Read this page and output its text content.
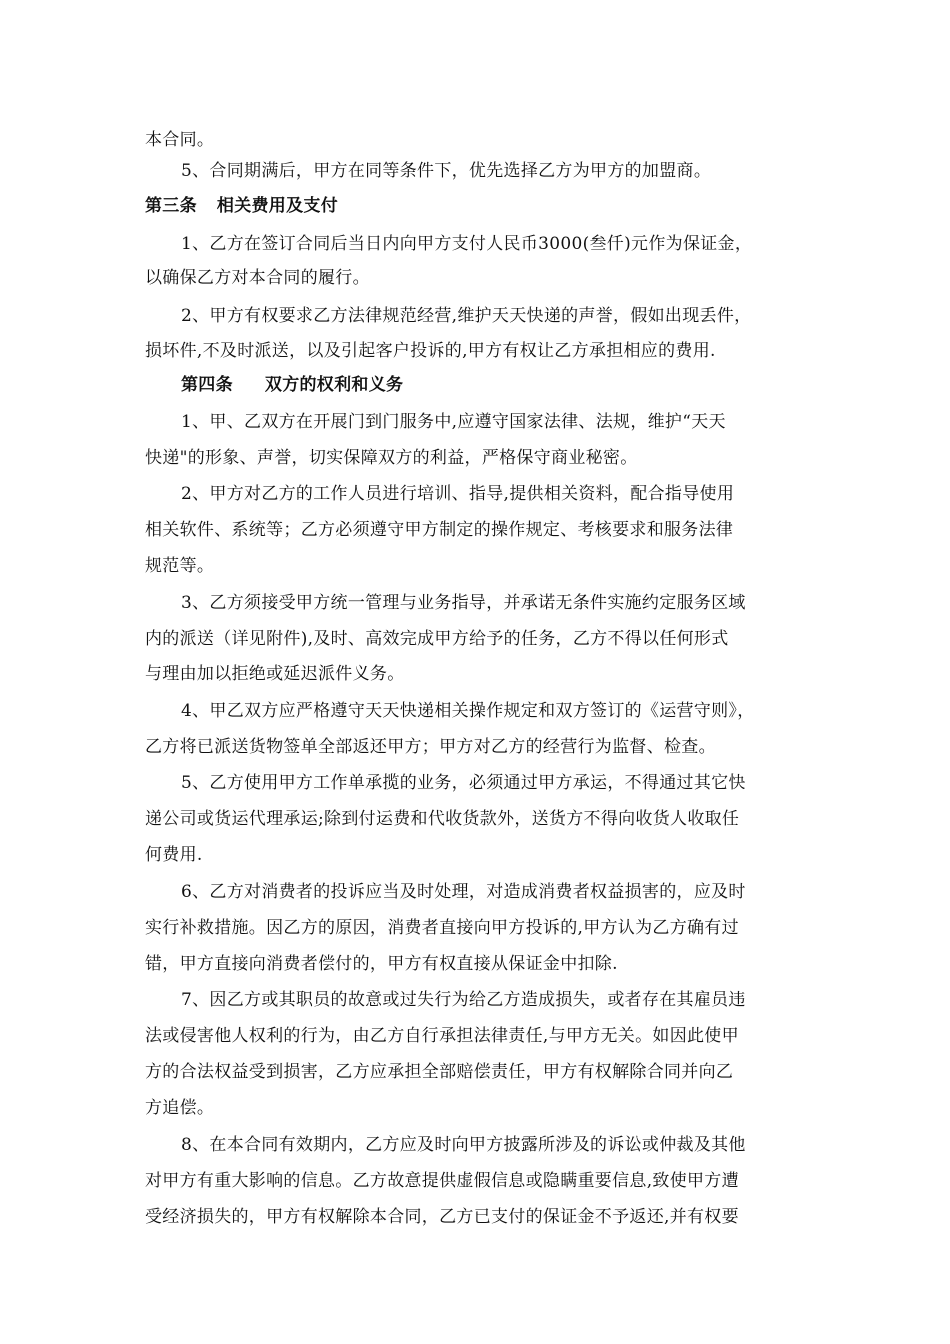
本合同。
5、合同期满后，甲方在同等条件下，优先选择乙方为甲方的加盟商。
第三条 相关费用及支付
1、乙方在签订合同后当日内向甲方支付人民币3000(叁仟)元作为保证金，
以确保乙方对本合同的履行。
2、甲方有权要求乙方法律规范经营,维护天天快递的声誉，假如出现丢件，
损坏件,不及时派送，以及引起客户投诉的,甲方有权让乙方承担相应的费用.
第四条 双方的权利和义务
1、甲、乙双方在开展门到门服务中,应遵守国家法律、法规，维护“天天
快递"的形象、声誉，切实保障双方的利益，严格保守商业秘密。
2、甲方对乙方的工作人员进行培训、指导,提供相关资料，配合指导使用
相关软件、系统等；乙方必须遵守甲方制定的操作规定、考核要求和服务法律
规范等。
3、乙方须接受甲方统一管理与业务指导，并承诺无条件实施约定服务区域
内的派送（详见附件),及时、高效完成甲方给予的任务，乙方不得以任何形式
与理由加以拒绝或延迟派件义务。
4、甲乙双方应严格遵守天天快递相关操作规定和双方签订的《运营守则》，
乙方将已派送货物签单全部返还甲方；甲方对乙方的经营行为监督、检查。
5、乙方使用甲方工作单承揽的业务，必须通过甲方承运，不得通过其它快
递公司或货运代理承运;除到付运费和代收货款外，送货方不得向收货人收取任
何费用.
6、乙方对消费者的投诉应当及时处理，对造成消费者权益损害的，应及时
实行补救措施。因乙方的原因，消费者直接向甲方投诉的,甲方认为乙方确有过
错，甲方直接向消费者偿付的，甲方有权直接从保证金中扣除.
7、因乙方或其职员的故意或过失行为给乙方造成损失，或者存在其雇员违
法或侵害他人权利的行为，由乙方自行承担法律责任,与甲方无关。如因此使甲
方的合法权益受到损害，乙方应承担全部赔偿责任，甲方有权解除合同并向乙
方追偿。
8、在本合同有效期内，乙方应及时向甲方披露所涉及的诉讼或仲裁及其他
对甲方有重大影响的信息。乙方故意提供虚假信息或隐瞒重要信息,致使甲方遭
受经济损失的，甲方有权解除本合同，乙方已支付的保证金不予返还,并有权要
